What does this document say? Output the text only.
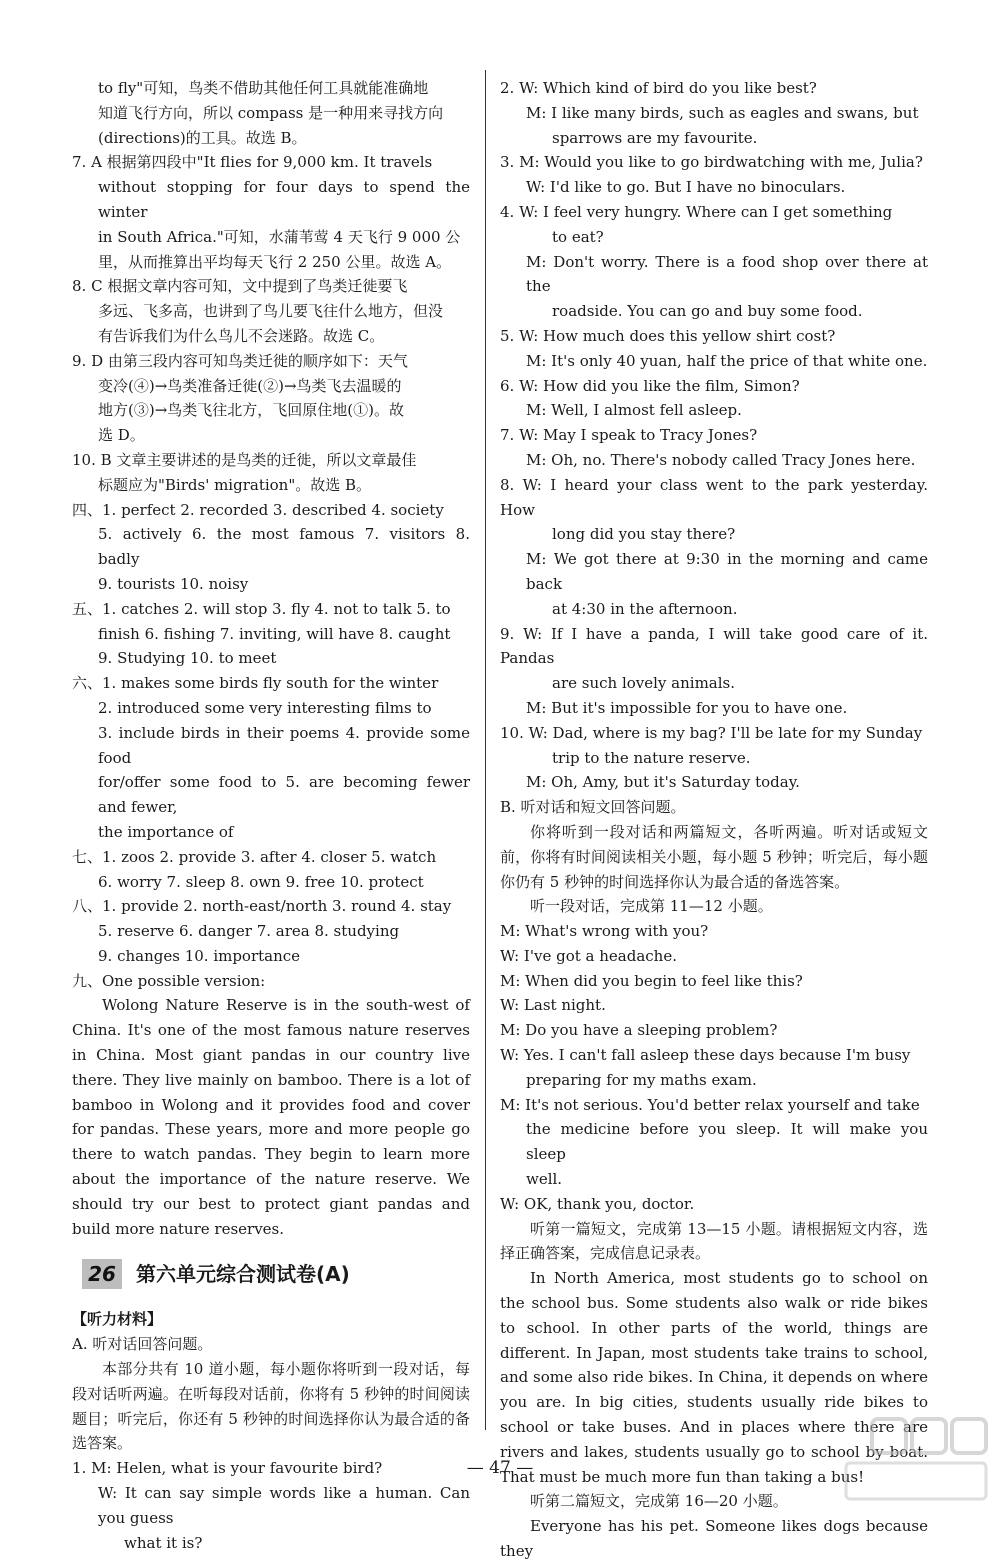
to fly"可知，鸟类不借助其他任何工具就能准确地

知道飞行方向，所以 compass 是一种用来寻找方向

(directions)的工具。故选 B。

7. A 根据第四段中"It flies for 9,000 km. It travels

without stopping for four days to spend the winter

in South Africa."可知，水蒲苇莺 4 天飞行 9 000 公

里，从而推算出平均每天飞行 2 250 公里。故选 A。

8. C 根据文章内容可知，文中提到了鸟类迁徙要飞

多远、飞多高，也讲到了鸟儿要飞往什么地方，但没

有告诉我们为什么鸟儿不会迷路。故选 C。

9. D 由第三段内容可知鸟类迁徙的顺序如下：天气

变冷(④)→鸟类准备迁徙(②)→鸟类飞去温暖的

地方(③)→鸟类飞往北方，飞回原住地(①)。故

选 D。

10. B 文章主要讲述的是鸟类的迁徙，所以文章最佳

标题应为"Birds' migration"。故选 B。

四、1. perfect 2. recorded 3. described 4. society

5. actively 6. the most famous 7. visitors 8. badly

9. tourists 10. noisy

五、1. catches 2. will stop 3. fly 4. not to talk 5. to

finish 6. fishing 7. inviting, will have 8. caught

9. Studying 10. to meet

六、1. makes some birds fly south for the winter

2. introduced some very interesting films to

3. include birds in their poems 4. provide some food

for/offer some food to 5. are becoming fewer and fewer,

the importance of

七、1. zoos 2. provide 3. after 4. closer 5. watch

6. worry 7. sleep 8. own 9. free 10. protect

八、1. provide 2. north-east/north 3. round 4. stay

5. reserve 6. danger 7. area 8. studying

9. changes 10. importance

九、One possible version:

Wolong Nature Reserve is in the south-west of China. It's one of the most famous nature reserves in China. Most giant pandas in our country live there. They live mainly on bamboo. There is a lot of bamboo in Wolong and it provides food and cover for pandas. These years, more and more people go there to watch pandas. They begin to learn more about the importance of the nature reserve. We should try our best to protect giant pandas and build more nature reserves.

26	第六单元综合测试卷(A)

【听力材料】

A. 听对话回答问题。

本部分共有 10 道小题，每小题你将听到一段对话，每段对话听两遍。在听每段对话前，你将有 5 秒钟的时间阅读题目；听完后，你还有 5 秒钟的时间选择你认为最合适的备选答案。

1. M: Helen, what is your favourite bird?

W: It can say simple words like a human. Can you guess

what it is?

2. W: Which kind of bird do you like best?

M: I like many birds, such as eagles and swans, but

sparrows are my favourite.

3. M: Would you like to go birdwatching with me, Julia?

W: I'd like to go. But I have no binoculars.

4. W: I feel very hungry. Where can I get something

to eat?

M: Don't worry. There is a food shop over there at the

roadside. You can go and buy some food.

5. W: How much does this yellow shirt cost?

M: It's only 40 yuan, half the price of that white one.

6. W: How did you like the film, Simon?

M: Well, I almost fell asleep.

7. W: May I speak to Tracy Jones?

M: Oh, no. There's nobody called Tracy Jones here.

8. W: I heard your class went to the park yesterday. How

long did you stay there?

M: We got there at 9:30 in the morning and came back

at 4:30 in the afternoon.

9. W: If I have a panda, I will take good care of it. Pandas

are such lovely animals.

M: But it's impossible for you to have one.

10. W: Dad, where is my bag? I'll be late for my Sunday

trip to the nature reserve.

M: Oh, Amy, but it's Saturday today.

B. 听对话和短文回答问题。

你将听到一段对话和两篇短文，各听两遍。听对话或短文前，你将有时间阅读相关小题，每小题 5 秒钟；听完后，每小题你仍有 5 秒钟的时间选择你认为最合适的备选答案。

听一段对话，完成第 11—12 小题。

M: What's wrong with you?

W: I've got a headache.

M: When did you begin to feel like this?

W: Last night.

M: Do you have a sleeping problem?

W: Yes. I can't fall asleep these days because I'm busy

preparing for my maths exam.

M: It's not serious. You'd better relax yourself and take

the medicine before you sleep. It will make you sleep

well.

W: OK, thank you, doctor.

听第一篇短文，完成第 13—15 小题。请根据短文内容，选择正确答案，完成信息记录表。

In North America, most students go to school on the school bus. Some students also walk or ride bikes to school. In other parts of the world, things are different. In Japan, most students take trains to school, and some also ride bikes. In China, it depends on where you are. In big cities, students usually ride bikes to school or take buses. And in places where there are rivers and lakes, students usually go to school by boat. That must be much more fun than taking a bus!

听第二篇短文，完成第 16—20 小题。

Everyone has his pet. Someone likes dogs because they

— 47 —
